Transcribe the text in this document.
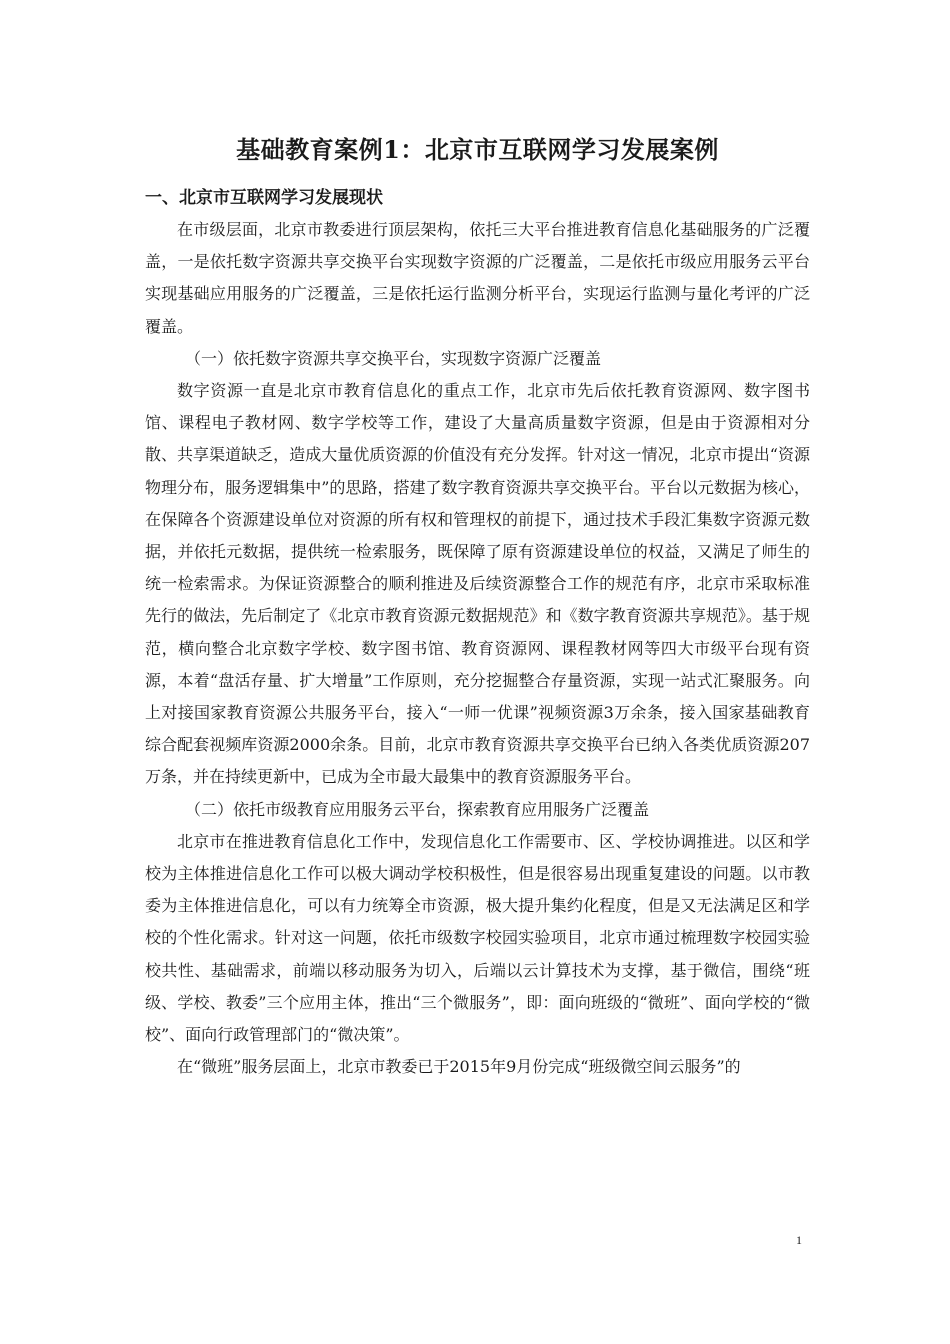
基础教育案例1：北京市互联网学习发展案例
一、北京市互联网学习发展现状

在市级层面，北京市教委进行顶层架构，依托三大平台推进教育信息化基础服务的广泛覆盖，一是依托数字资源共享交换平台实现数字资源的广泛覆盖，二是依托市级应用服务云平台实现基础应用服务的广泛覆盖，三是依托运行监测分析平台，实现运行监测与量化考评的广泛覆盖。

（一）依托数字资源共享交换平台，实现数字资源广泛覆盖

数字资源一直是北京市教育信息化的重点工作，北京市先后依托教育资源网、数字图书馆、课程电子教材网、数字学校等工作，建设了大量高质量数字资源，但是由于资源相对分散、共享渠道缺乏，造成大量优质资源的价值没有充分发挥。针对这一情况，北京市提出“资源物理分布，服务逻辑集中”的思路，搭建了数字教育资源共享交换平台。平台以元数据为核心，在保障各个资源建设单位对资源的所有权和管理权的前提下，通过技术手段汇集数字资源元数据，并依托元数据，提供统一检索服务，既保障了原有资源建设单位的权益，又满足了师生的统一检索需求。为保证资源整合的顺利推进及后续资源整合工作的规范有序，北京市采取标准先行的做法，先后制定了《北京市教育资源元数据规范》和《数字教育资源共享规范》。基于规范，横向整合北京数字学校、数字图书馆、教育资源网、课程教材网等四大市级平台现有资源，本着“盘活存量、扩大增量”工作原则，充分挖掘整合存量资源，实现一站式汇聚服务。向上对接国家教育资源公共服务平台，接入“一师一优课”视频资源3万余条，接入国家基础教育综合配套视频库资源2000余条。目前，北京市教育资源共享交换平台已纳入各类优质资源207万条，并在持续更新中，已成为全市最大最集中的教育资源服务平台。

（二）依托市级教育应用服务云平台，探索教育应用服务广泛覆盖

北京市在推进教育信息化工作中，发现信息化工作需要市、区、学校协调推进。以区和学校为主体推进信息化工作可以极大调动学校积极性，但是很容易出现重复建设的问题。以市教委为主体推进信息化，可以有力统筹全市资源，极大提升集约化程度，但是又无法满足区和学校的个性化需求。针对这一问题，依托市级数字校园实验项目，北京市通过梳理数字校园实验校共性、基础需求，前端以移动服务为切入，后端以云计算技术为支撑，基于微信，围绕“班级、学校、教委”三个应用主体，推出“三个微服务”，即：面向班级的“微班”、面向学校的“微校”、面向行政管理部门的“微决策”。

在“微班”服务层面上，北京市教委已于2015年9月份完成“班级微空间云服务”的

1
